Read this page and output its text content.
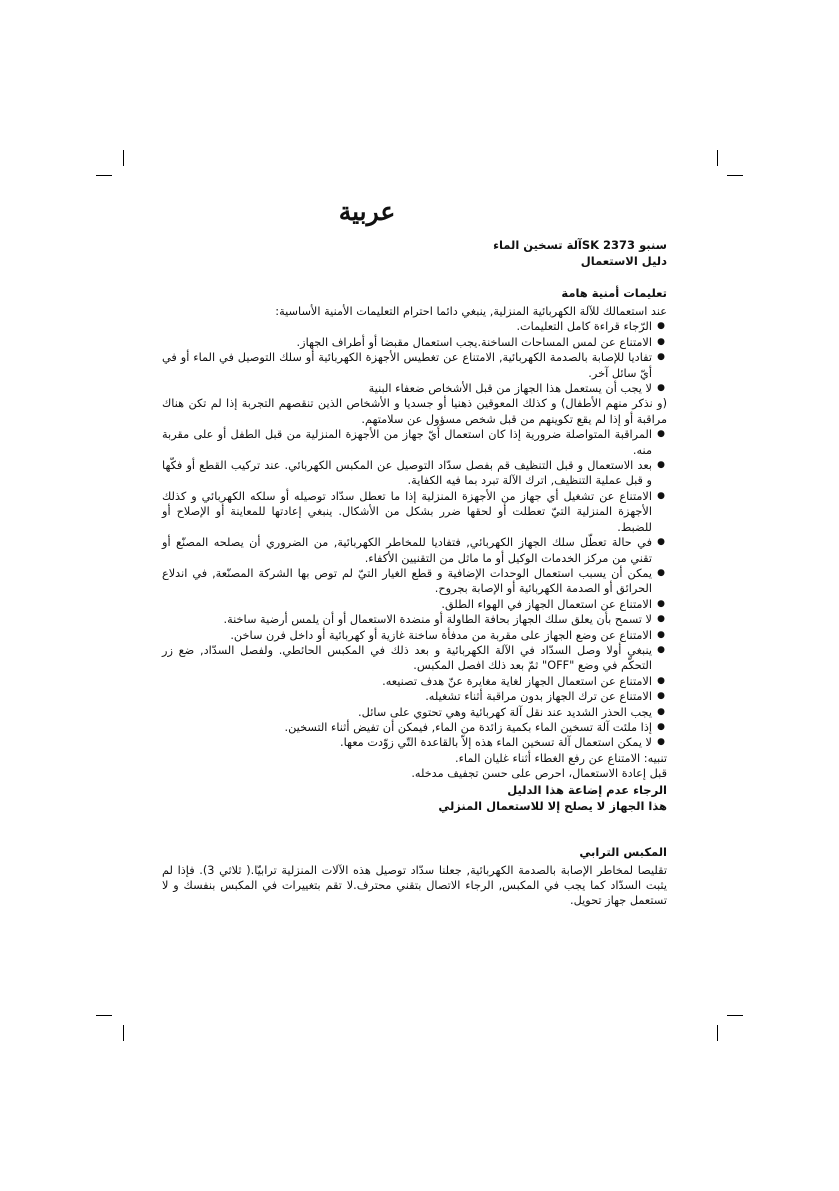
عربية

سنبو SK 2373آلة تسخين الماء

دليل الاستعمال

تعليمات أمنية هامة

عند استعمالك للآلة الكهربائية المنزلية, ينبغي دائما احترام التعليمات الأمنية الأساسية:

●
الرّجاء قراءة كامل التعليمات.
●
الامتناع عن لمس المساحات الساخنة.يجب استعمال مقبضا أو أطراف الجهاز.
●
تفاديا للإصابة بالصدمة الكهربائية, الامتناع عن تغطيس الأجهزة الكهربائية أو سلك التوصيل في الماء أو في أيّ سائل آخر.
●
لا يجب أن يستعمل هذا الجهاز من قبل الأشخاص ضعفاء البنية
(و نذكر منهم الأطفال) و كذلك المعوقين ذهنيا أو جسديا و الأشخاص الذين تنقصهم التجربة إذا لم تكن هناك مراقبة أو إذا لم يقع تكوينهم من قبل شخص مسؤول عن سلامتهم.
●
المراقبة المتواصلة ضرورية إذا كان استعمال أيّ جهاز من الأجهزة المنزلية من قبل الطفل أو على مقربة منه.
●
بعد الاستعمال و قبل التنظيف قم بفصل سدّاد التوصيل عن المكبس الكهربائي. عند تركيب القطع أو فكّها و قبل عملية التنظيف, اترك الآلة تبرد بما فيه الكفاية.
●
الامتناع عن تشغيل أي جهاز من الأجهزة المنزلية إذا ما تعطل سدّاد توصيله أو سلكه الكهربائي و كذلك الأجهزة المنزلية التيّ تعطلت أو لحقها ضرر بشكل من الأشكال. ينبغي إعادتها للمعاينة أو الإصلاح أو للضبط.
●
في حالة تعطّل سلك الجهاز الكهربائي, فتفاديا للمخاطر الكهربائية, من الضروري أن يصلحه المصنّع أو تقني من مركز الخدمات الوكيل أو ما ماثل من التقنيين الأكفاء.
●
يمكن أن يسبب استعمال الوحدات الإضافية و قطع الغيار التيّ لم توص بها الشركة المصنّعة, في اندلاع الحرائق أو الصدمة الكهربائية أو الإصابة بجروح.
●
الامتناع عن استعمال الجهاز في الهواء الطلق.
●
لا تسمح بأن يعلق سلك الجهاز بحافة الطاولة أو منضدة الاستعمال أو أن يلمس أرضية ساخنة.
●
الامتناع عن وضع الجهاز على مقربة من مدفأة ساخنة غازية أو كهربائية أو داخل فرن ساخن.
●
ينبغي أولا وصل السدّاد في الآلة الكهربائية و بعد ذلك في المكبس الحائطي. ولفصل السدّاد, ضع زر التحكّم في وضع "OFF" ثمّ بعد ذلك افصل المكبس.
●
الامتناع عن استعمال الجهاز لغاية مغايرة عنّ هدف تصنيعه.
●
الامتناع عن ترك الجهاز بدون مراقبة أثناء تشغيله.
●
يجب الحذر الشديد عند نقل آلة كهربائية وهي تحتوي على سائل.
●
إذا ملئت آلة تسخين الماء بكمية زائدة من الماء, فيمكن أن تفيض أثناء التسخين.
●
لا يمكن استعمال آلة تسخين الماء هذه إلاّ بالقاعدة التّي زوّدت معها.

تنبيه: الامتناع عن رفع الغطاء أثناء غليان الماء.

قبل إعادة الاستعمال، احرص على حسن تجفيف مدخله.

الرجاء عدم إضاعة هذا الدليل

هذا الجهاز لا يصلح إلا للاستعمال المنزلي

المكبس الترابي

تقليصا لمخاطر الإصابة بالصدمة الكهربائية, جعلنا سدّاد توصيل هذه الآلات المنزلية ترابيّا.( ثلاثي 3). فإذا لم يثبت السدّاد كما يجب في المكبس, الرجاء الاتصال بتقني محترف.لا تقم بتغييرات في المكبس بنفسك و لا تستعمل جهاز تحويل.
